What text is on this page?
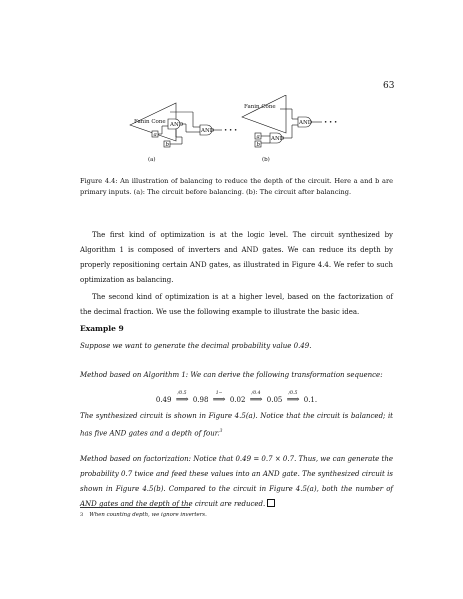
63
Fanin Cone AND
AND
a
b
• • •
Fanin Cone
AND
AND
a
b
• • •
(a)	(b)

Figure 4.4: An illustration of balancing to reduce the depth of the circuit. Here a and b are primary inputs. (a): The circuit before balancing. (b): The circuit after balancing.

The first kind of optimization is at the logic level. The circuit synthesized by Algorithm 1 is composed of inverters and AND gates. We can reduce its depth by properly repositioning certain AND gates, as illustrated in Figure 4.4. We refer to such optimization as balancing.

The second kind of optimization is at a higher level, based on the factorization of the decimal fraction. We use the following example to illustrate the basic idea.

Example 9

Suppose we want to generate the decimal probability value 0.49.

Method based on Algorithm 1: We can derive the following transformation sequence:

0.49
/0.5
⟹ 0.98
1−
⟹ 0.02
/0.4
⟹ 0.05
/0.5
⟹ 0.1.

The synthesized circuit is shown in Figure 4.5(a). Notice that the circuit is balanced; it has five AND gates and a depth of four.$^3$

Method based on factorization: Notice that 0.49 = 0.7 × 0.7. Thus, we can generate the probability 0.7 twice and feed these values into an AND gate. The synthesized circuit is shown in Figure 4.5(b). Compared to the circuit in Figure 4.5(a), both the number of AND gates and the depth of the circuit are reduced.

3 When counting depth, we ignore inverters.
